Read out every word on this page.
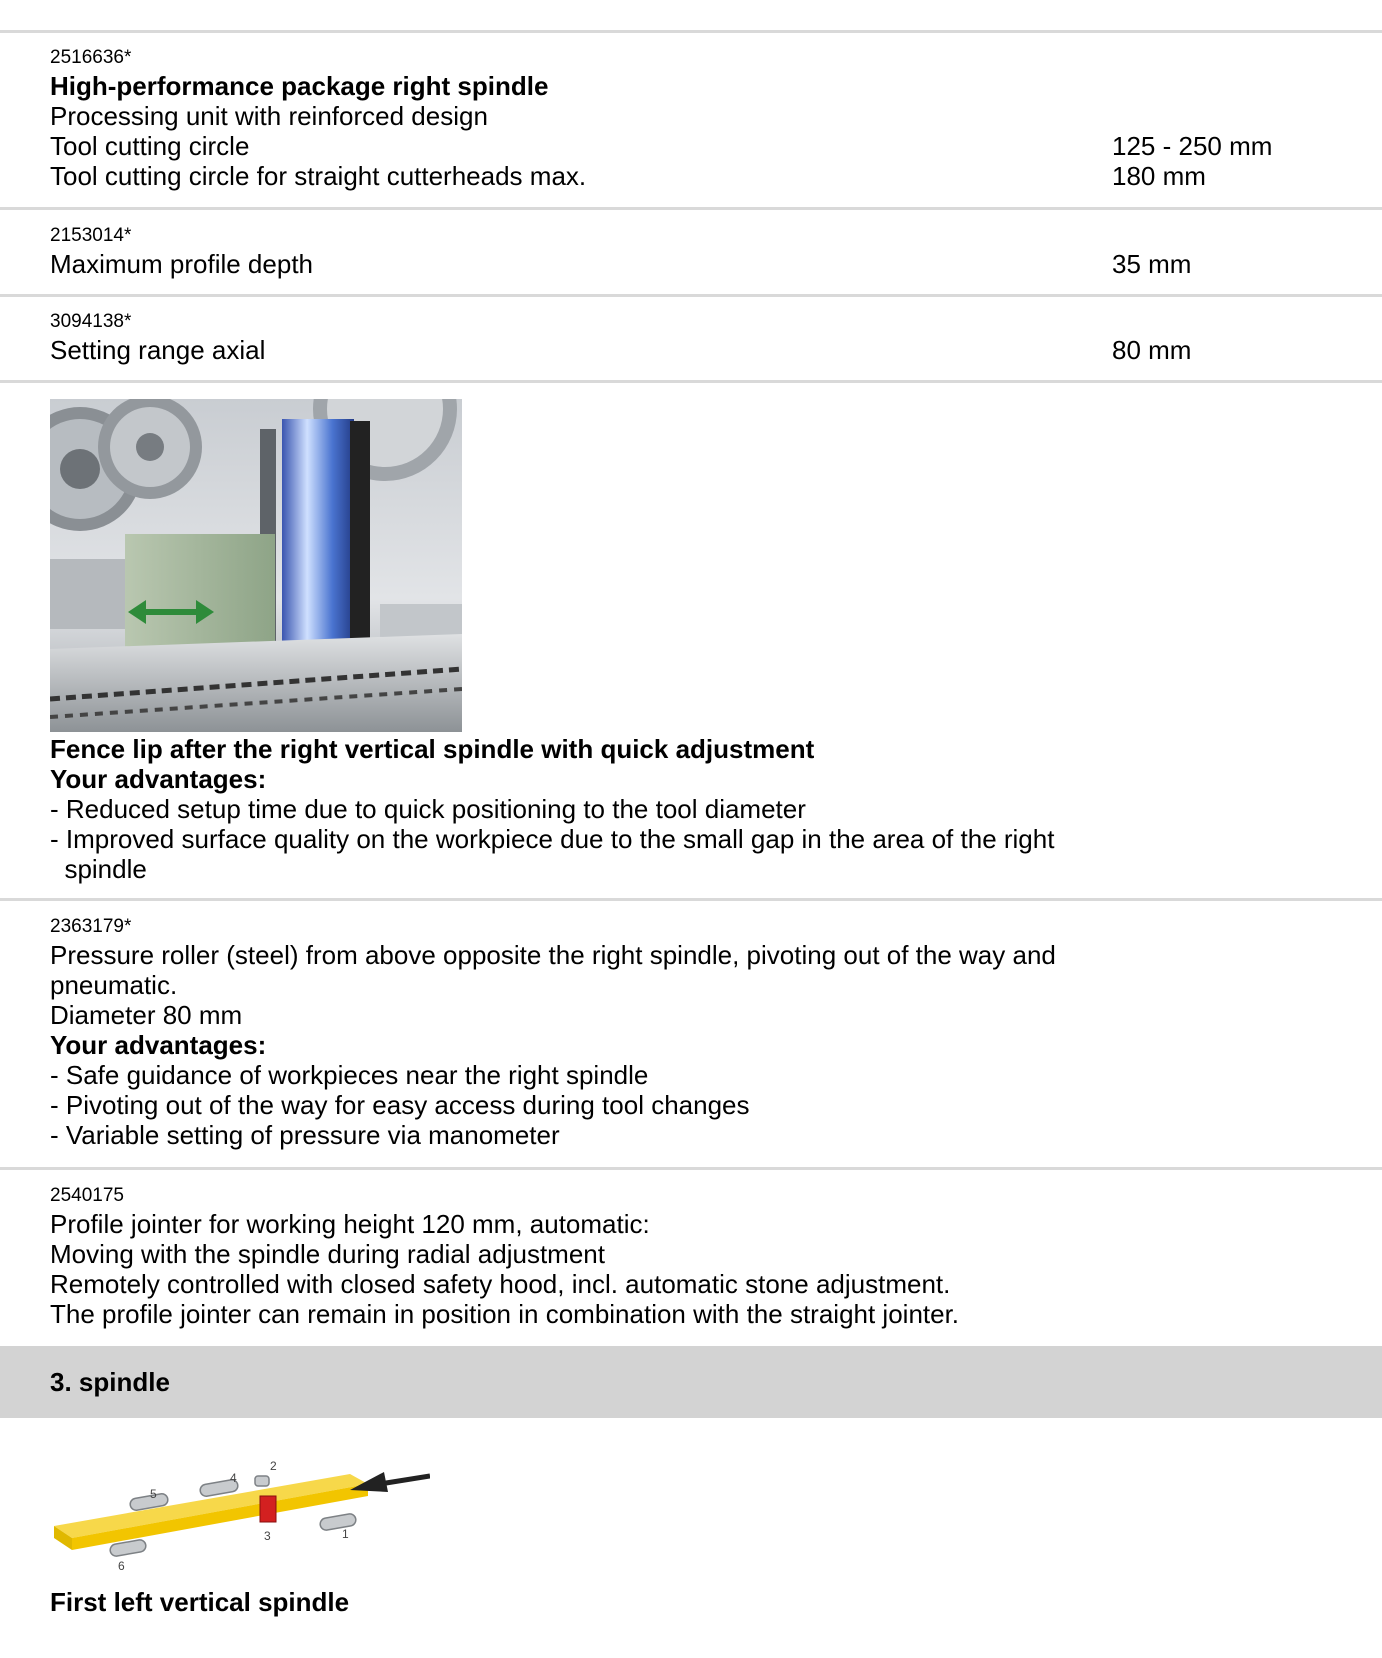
2516636*
High-performance package right spindle
Processing unit with reinforced design
Tool cutting circle	125 - 250 mm
Tool cutting circle for straight cutterheads max.	180 mm
2153014*
Maximum profile depth	35 mm
3094138*
Setting range axial	80 mm
Fence lip after the right vertical spindle with quick adjustment
Your advantages:
- Reduced setup time due to quick positioning to the tool diameter
- Improved surface quality on the workpiece due to the small gap in the area of the right
spindle
2363179*
Pressure roller (steel) from above opposite the right spindle, pivoting out of the way and
pneumatic.
Diameter 80 mm
Your advantages:
- Safe guidance of workpieces near the right spindle
- Pivoting out of the way for easy access during tool changes
- Variable setting of pressure via manometer
2540175
Profile jointer for working height 120 mm, automatic:
Moving with the spindle during radial adjustment
Remotely controlled with closed safety hood, incl. automatic stone adjustment.
The profile jointer can remain in position in combination with the straight jointer.
3. spindle
1
2
3
4
5
6
First left vertical spindle
